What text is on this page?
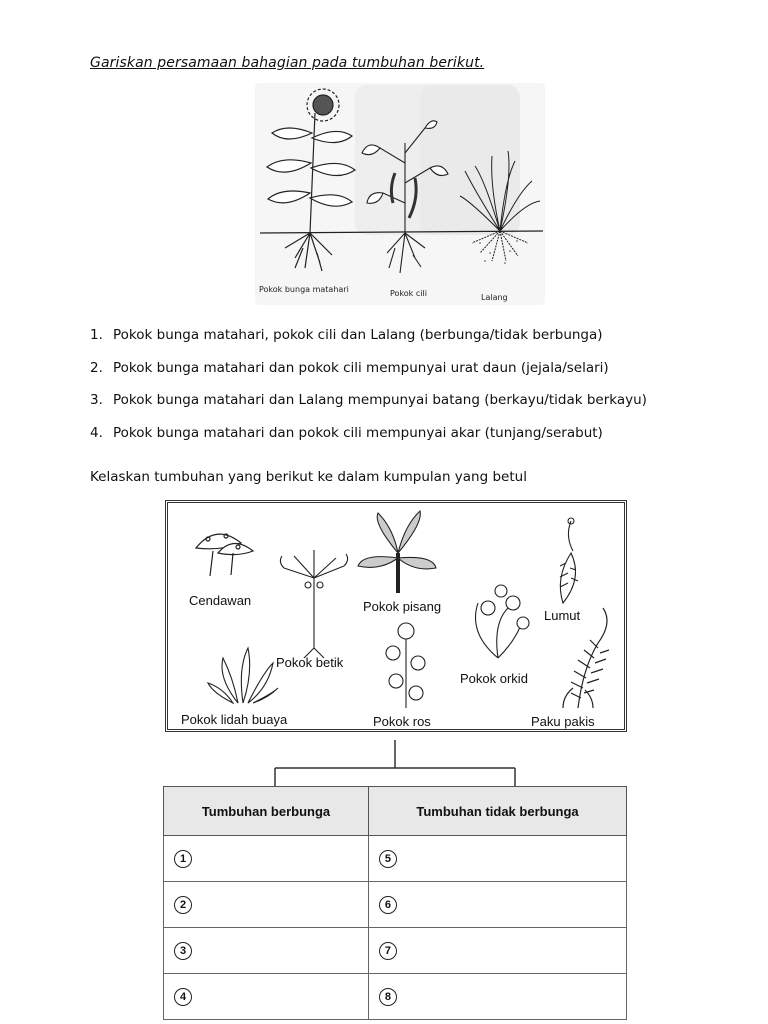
Gariskan persamaan bahagian pada tumbuhan berikut.
Pokok bunga matahari	Pokok cili	Lalang
1. Pokok bunga matahari, pokok cili dan Lalang (berbunga/tidak berbunga)
2. Pokok bunga matahari dan pokok cili mempunyai urat daun (jejala/selari)
3. Pokok bunga matahari dan Lalang mempunyai batang (berkayu/tidak berkayu)
4. Pokok bunga matahari dan pokok cili mempunyai akar (tunjang/serabut)
Kelaskan tumbuhan yang berikut ke dalam kumpulan yang betul
Cendawan	Pokok pisang
Lumut
Pokok betik
Pokok orkid
Pokok lidah buaya	Pokok ros	Paku pakis
Tumbuhan berbunga	Tumbuhan tidak berbunga
1	5
2	6
3	7
4	8
